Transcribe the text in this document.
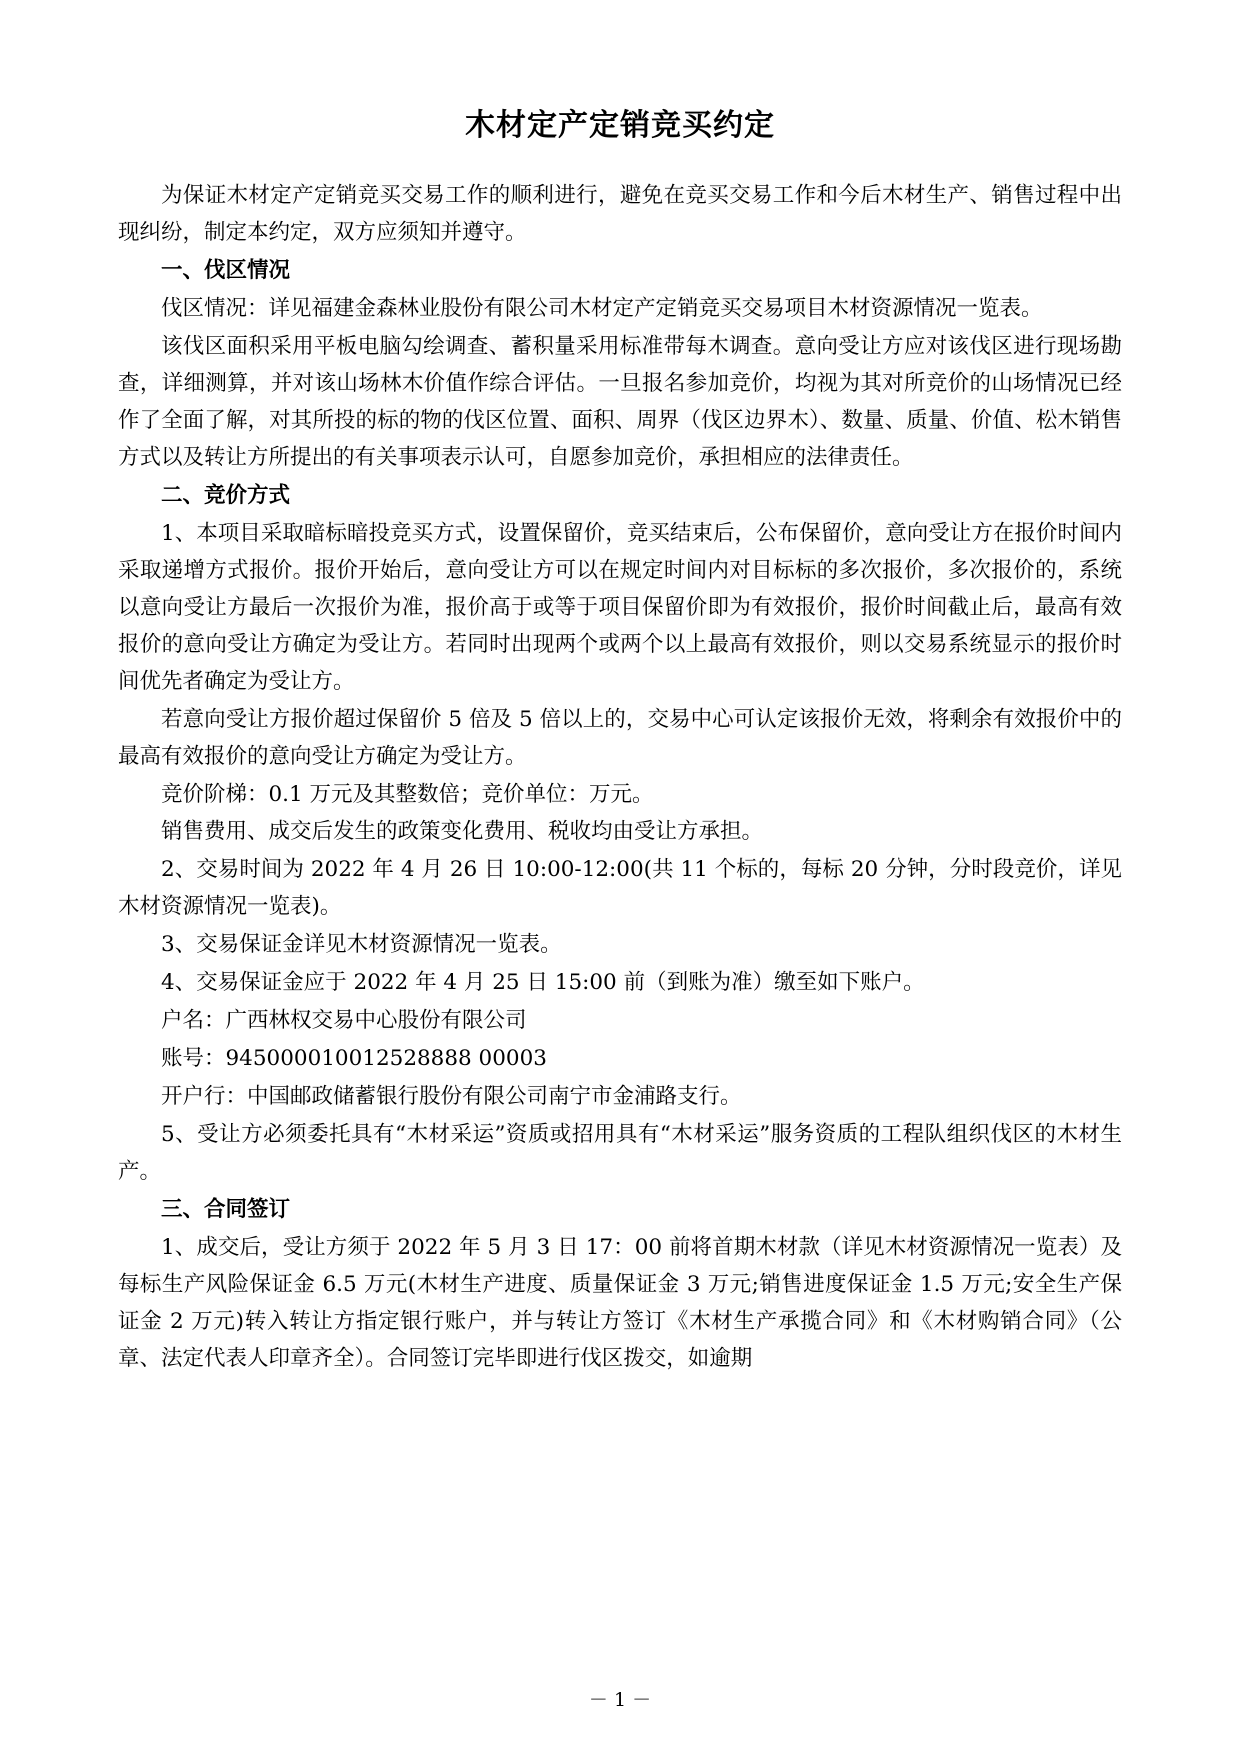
木材定产定销竞买约定

为保证木材定产定销竞买交易工作的顺利进行，避免在竞买交易工作和今后木材生产、销售过程中出现纠纷，制定本约定，双方应须知并遵守。

一、伐区情况

伐区情况：详见福建金森林业股份有限公司木材定产定销竞买交易项目木材资源情况一览表。

该伐区面积采用平板电脑勾绘调查、蓄积量采用标准带每木调查。意向受让方应对该伐区进行现场勘查，详细测算，并对该山场林木价值作综合评估。一旦报名参加竞价，均视为其对所竞价的山场情况已经作了全面了解，对其所投的标的物的伐区位置、面积、周界（伐区边界木）、数量、质量、价值、松木销售方式以及转让方所提出的有关事项表示认可，自愿参加竞价，承担相应的法律责任。

二、竞价方式

1、本项目采取暗标暗投竞买方式，设置保留价，竞买结束后，公布保留价，意向受让方在报价时间内采取递增方式报价。报价开始后，意向受让方可以在规定时间内对目标标的多次报价，多次报价的，系统以意向受让方最后一次报价为准，报价高于或等于项目保留价即为有效报价，报价时间截止后，最高有效报价的意向受让方确定为受让方。若同时出现两个或两个以上最高有效报价，则以交易系统显示的报价时间优先者确定为受让方。

若意向受让方报价超过保留价 5 倍及 5 倍以上的，交易中心可认定该报价无效，将剩余有效报价中的最高有效报价的意向受让方确定为受让方。

竞价阶梯：0.1 万元及其整数倍；竞价单位：万元。

销售费用、成交后发生的政策变化费用、税收均由受让方承担。

2、交易时间为 2022 年 4 月 26 日 10:00-12:00(共 11 个标的，每标 20 分钟，分时段竞价，详见木材资源情况一览表)。

3、交易保证金详见木材资源情况一览表。

4、交易保证金应于 2022 年 4 月 25 日 15:00 前（到账为准）缴至如下账户。

户名：广西林权交易中心股份有限公司

账号：945000010012528888 00003

开户行：中国邮政储蓄银行股份有限公司南宁市金浦路支行。

5、受让方必须委托具有“木材采运”资质或招用具有“木材采运”服务资质的工程队组织伐区的木材生产。

三、合同签订

1、成交后，受让方须于 2022 年 5 月 3 日 17：00 前将首期木材款（详见木材资源情况一览表）及每标生产风险保证金 6.5 万元(木材生产进度、质量保证金 3 万元;销售进度保证金 1.5 万元;安全生产保证金 2 万元)转入转让方指定银行账户，并与转让方签订《木材生产承揽合同》和《木材购销合同》（公章、法定代表人印章齐全）。合同签订完毕即进行伐区拨交，如逾期

－ 1 －
